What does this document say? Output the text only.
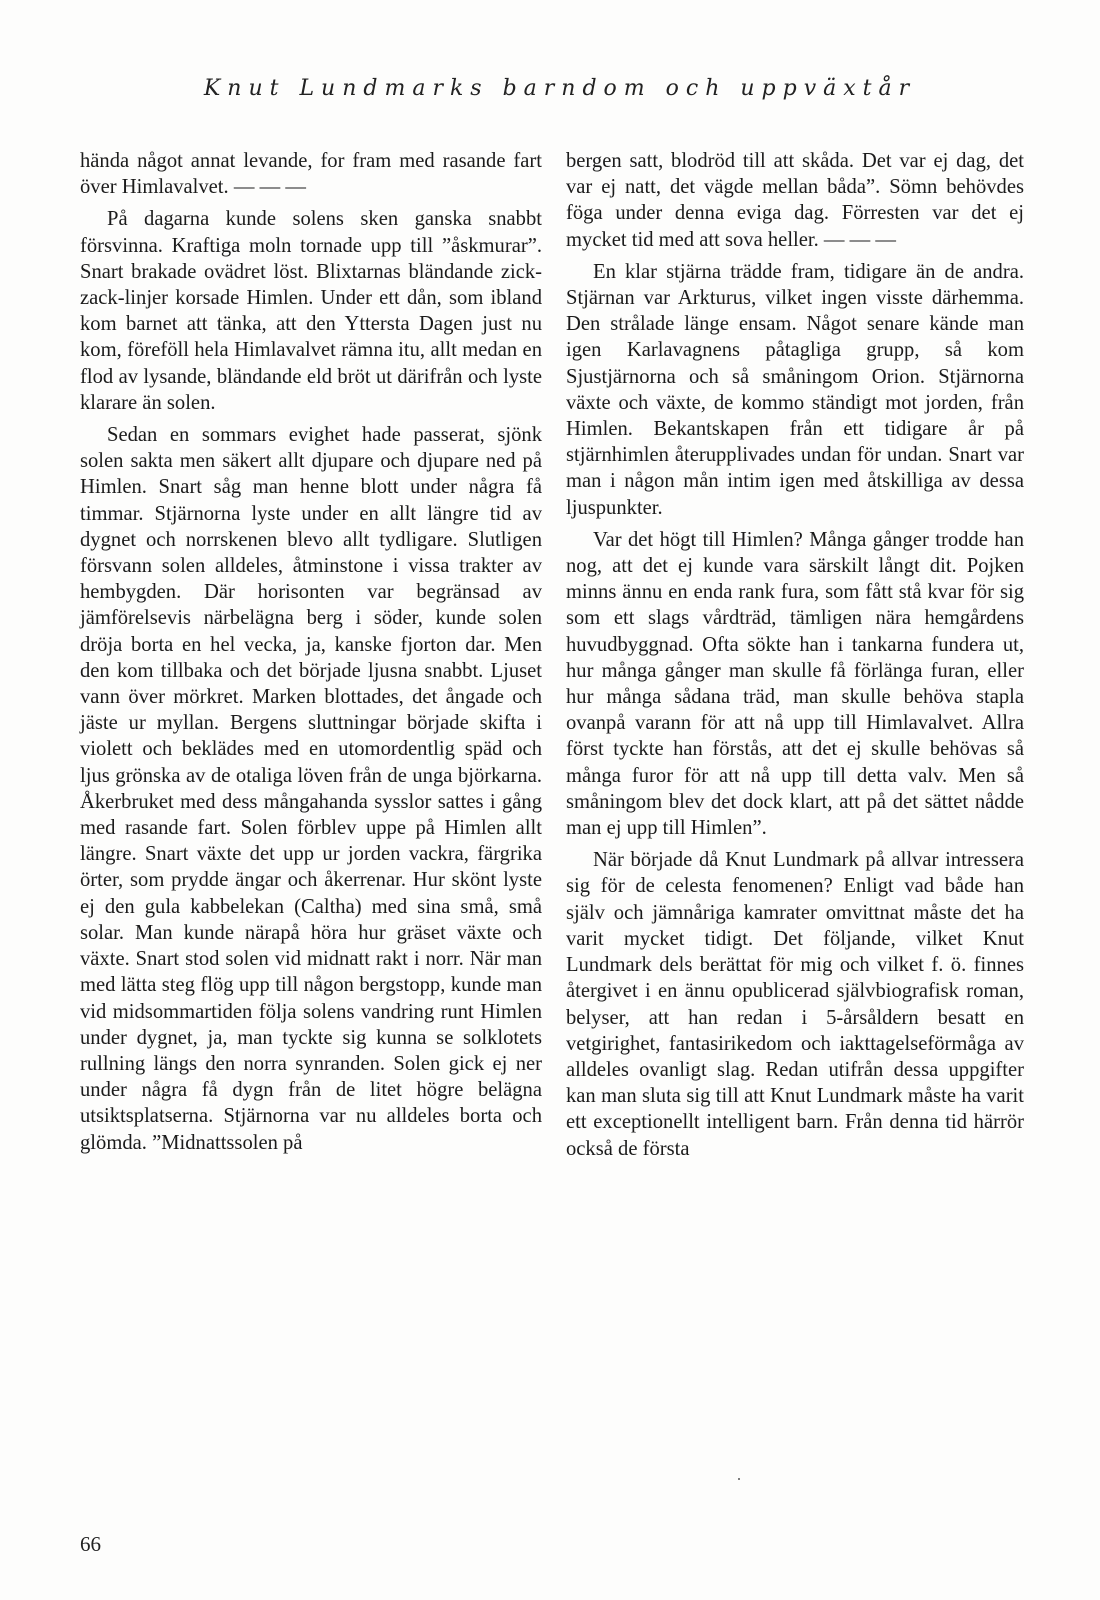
Knut Lundmarks barndom och uppväxtår

hända något annat levande, for fram med rasande fart över Himlavalvet. — — —

På dagarna kunde solens sken ganska snabbt försvinna. Kraftiga moln tornade upp till ”åskmurar”. Snart brakade ovädret löst. Blixtarnas bländande zick-zack-linjer korsade Himlen. Under ett dån, som ibland kom barnet att tänka, att den Yttersta Dagen just nu kom, föreföll hela Himlavalvet rämna itu, allt medan en flod av lysande, bländande eld bröt ut därifrån och lyste klarare än solen.

Sedan en sommars evighet hade passerat, sjönk solen sakta men säkert allt djupare och djupare ned på Himlen. Snart såg man henne blott under några få timmar. Stjärnorna lyste under en allt längre tid av dygnet och norrskenen blevo allt tydligare. Slutligen försvann solen alldeles, åtminstone i vissa trakter av hembygden. Där horisonten var begränsad av jämförelsevis närbelägna berg i söder, kunde solen dröja borta en hel vecka, ja, kanske fjorton dar. Men den kom tillbaka och det började ljusna snabbt. Ljuset vann över mörkret. Marken blottades, det ångade och jäste ur myllan. Bergens sluttningar började skifta i violett och beklädes med en utomordentlig späd och ljus grönska av de otaliga löven från de unga björkarna. Åkerbruket med dess mångahanda sysslor sattes i gång med rasande fart. Solen förblev uppe på Himlen allt längre. Snart växte det upp ur jorden vackra, färgrika örter, som prydde ängar och åkerrenar. Hur skönt lyste ej den gula kabbelekan (Caltha) med sina små, små solar. Man kunde närapå höra hur gräset växte och växte. Snart stod solen vid midnatt rakt i norr. När man med lätta steg flög upp till någon bergstopp, kunde man vid midsommartiden följa solens vandring runt Himlen under dygnet, ja, man tyckte sig kunna se solklotets rullning längs den norra synranden. Solen gick ej ner under några få dygn från de litet högre belägna utsiktsplatserna. Stjärnorna var nu alldeles borta och glömda. ”Midnattssolen på

bergen satt, blodröd till att skåda. Det var ej dag, det var ej natt, det vägde mellan båda”. Sömn behövdes föga under denna eviga dag. Förresten var det ej mycket tid med att sova heller. — — —

En klar stjärna trädde fram, tidigare än de andra. Stjärnan var Arkturus, vilket ingen visste därhemma. Den strålade länge ensam. Något senare kände man igen Karlavagnens påtagliga grupp, så kom Sjustjärnorna och så småningom Orion. Stjärnorna växte och växte, de kommo ständigt mot jorden, från Himlen. Bekantskapen från ett tidigare år på stjärnhimlen återupplivades undan för undan. Snart var man i någon mån intim igen med åtskilliga av dessa ljuspunkter.

Var det högt till Himlen? Många gånger trodde han nog, att det ej kunde vara särskilt långt dit. Pojken minns ännu en enda rank fura, som fått stå kvar för sig som ett slags vårdträd, tämligen nära hemgårdens huvudbyggnad. Ofta sökte han i tankarna fundera ut, hur många gånger man skulle få förlänga furan, eller hur många sådana träd, man skulle behöva stapla ovanpå varann för att nå upp till Himlavalvet. Allra först tyckte han förstås, att det ej skulle behövas så många furor för att nå upp till detta valv. Men så småningom blev det dock klart, att på det sättet nådde man ej upp till Himlen”.

När började då Knut Lundmark på allvar intressera sig för de celesta fenomenen? Enligt vad både han själv och jämnåriga kamrater omvittnat måste det ha varit mycket tidigt. Det följande, vilket Knut Lundmark dels berättat för mig och vilket f. ö. finnes återgivet i en ännu opublicerad självbiografisk roman, belyser, att han redan i 5-årsåldern besatt en vetgirighet, fantasirikedom och iakttagelseförmåga av alldeles ovanligt slag. Redan utifrån dessa uppgifter kan man sluta sig till att Knut Lundmark måste ha varit ett exceptionellt intelligent barn. Från denna tid härrör också de första

66
